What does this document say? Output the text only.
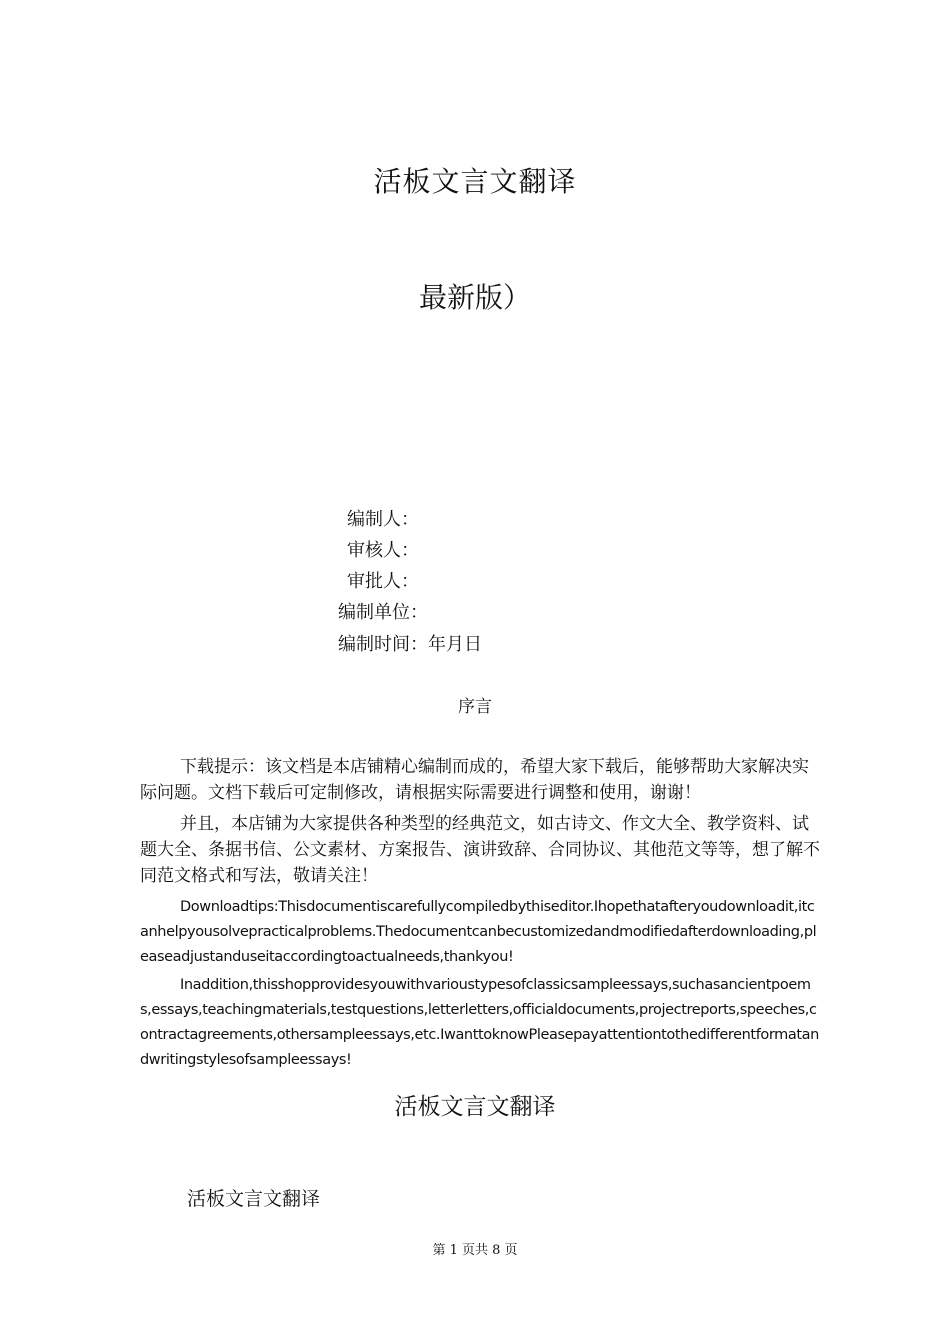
活板文言文翻译
最新版）
编制人：
审核人：
审批人：
编制单位：
编制时间：年月日
序言

下载提示：该文档是本店铺精心编制而成的，希望大家下载后，能够帮助大家解决实际问题。文档下载后可定制修改，请根据实际需要进行调整和使用，谢谢！

并且，本店铺为大家提供各种类型的经典范文，如古诗文、作文大全、教学资料、试题大全、条据书信、公文素材、方案报告、演讲致辞、合同协议、其他范文等等，想了解不同范文格式和写法，敬请关注！

Downloadtips:Thisdocumentiscarefullycompiledbythiseditor.Ihopethatafteryoudownloadit,itcanhelpyousolvepracticalproblems.Thedocumentcanbecustomizedandmodifiedafterdownloading,pleaseadjustanduseitaccordingtoactualneeds,thankyou!

Inaddition,thisshopprovidesyouwithvarioustypesofclassicsampleessays,suchasancientpoems,essays,teachingmaterials,testquestions,letterletters,officialdocuments,projectreports,speeches,contractagreements,othersampleessays,etc.IwanttoknowPleasepayattentiontothedifferentformatandwritingstylesofsampleessays!

活板文言文翻译
活板文言文翻译
第 1 页共 8 页
